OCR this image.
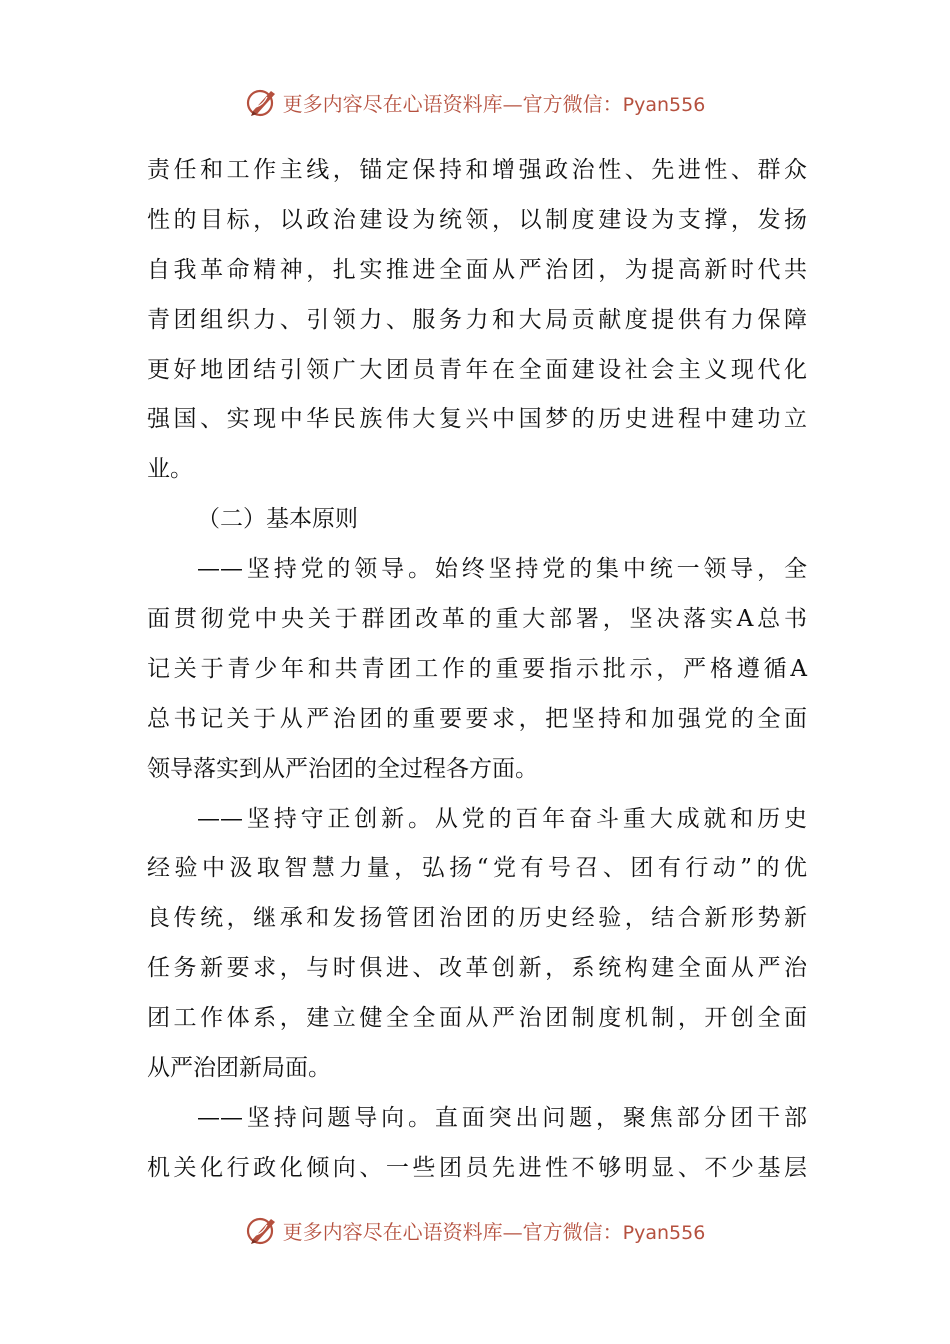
更多内容尽在心语资料库—官方微信：Pyan556
责任和工作主线，锚定保持和增强政治性、先进性、群众
性的目标，以政治建设为统领，以制度建设为支撑，发扬
自我革命精神，扎实推进全面从严治团，为提高新时代共
青团组织力、引领力、服务力和大局贡献度提供有力保障
更好地团结引领广大团员青年在全面建设社会主义现代化
强国、实现中华民族伟大复兴中国梦的历史进程中建功立
业。
（二）基本原则
——坚持党的领导。始终坚持党的集中统一领导，全
面贯彻党中央关于群团改革的重大部署，坚决落实A总书
记关于青少年和共青团工作的重要指示批示，严格遵循A
总书记关于从严治团的重要要求，把坚持和加强党的全面
领导落实到从严治团的全过程各方面。
——坚持守正创新。从党的百年奋斗重大成就和历史
经验中汲取智慧力量，弘扬“党有号召、团有行动”的优
良传统，继承和发扬管团治团的历史经验，结合新形势新
任务新要求，与时俱进、改革创新，系统构建全面从严治
团工作体系，建立健全全面从严治团制度机制，开创全面
从严治团新局面。
——坚持问题导向。直面突出问题，聚焦部分团干部
机关化行政化倾向、一些团员先进性不够明显、不少基层
更多内容尽在心语资料库—官方微信：Pyan556
